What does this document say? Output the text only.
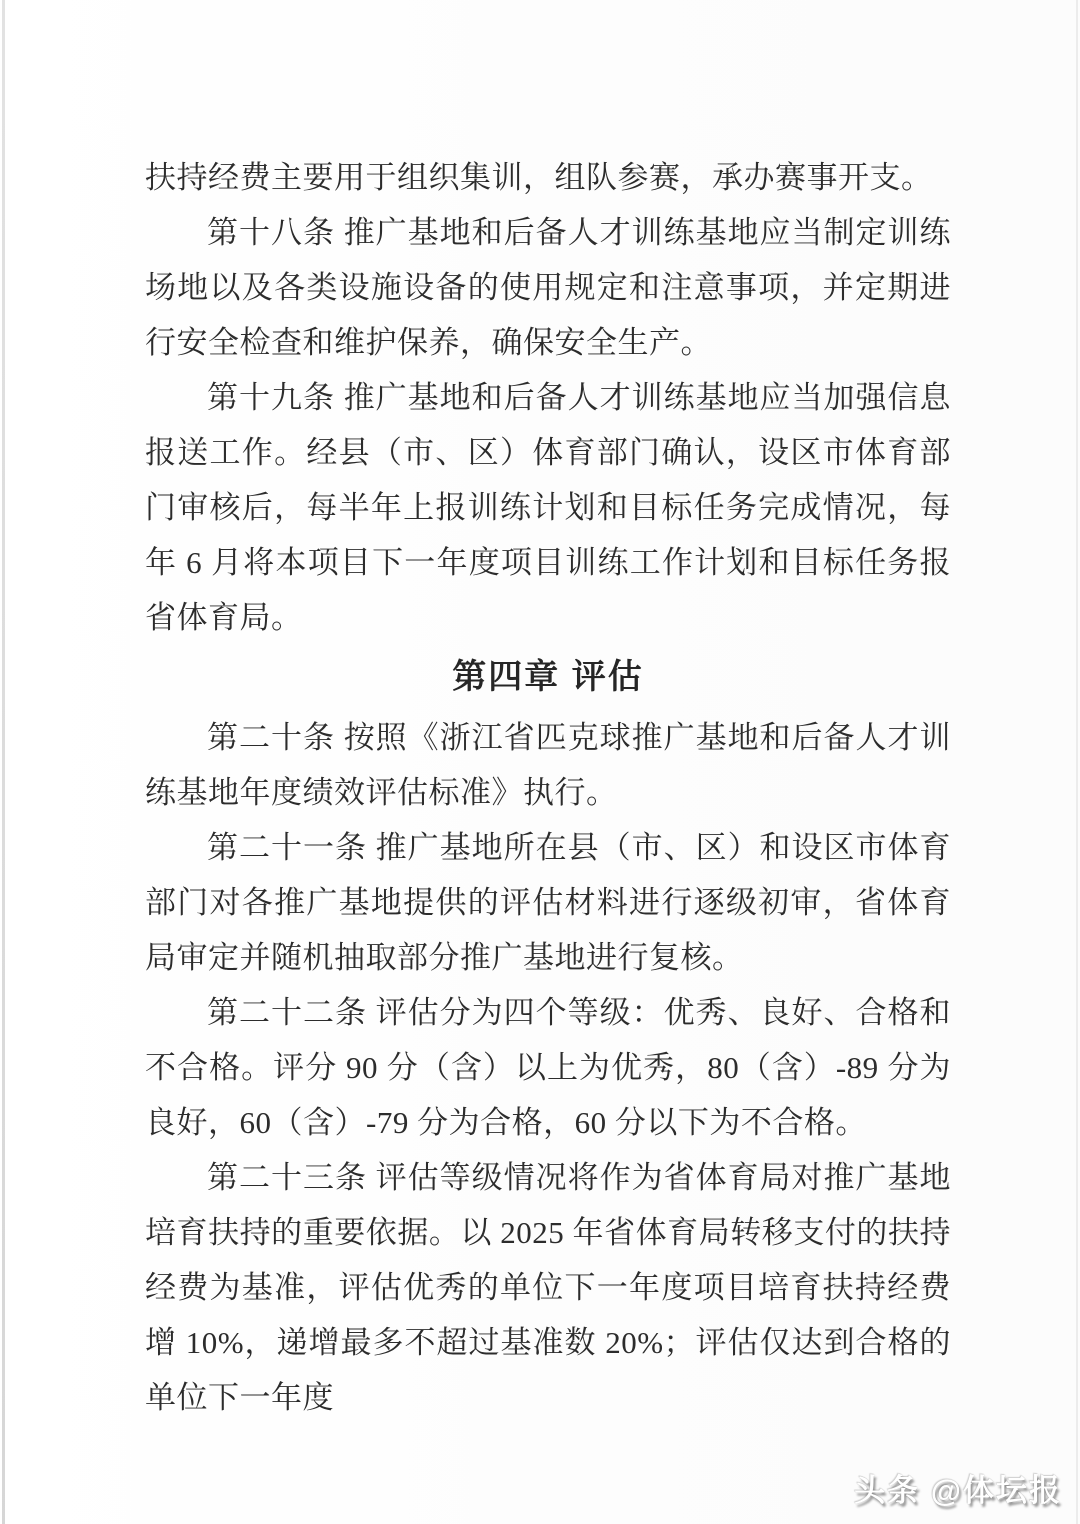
扶持经费主要用于组织集训，组队参赛，承办赛事开支。

第十八条 推广基地和后备人才训练基地应当制定训练场地以及各类设施设备的使用规定和注意事项，并定期进行安全检查和维护保养，确保安全生产。

第十九条 推广基地和后备人才训练基地应当加强信息报送工作。经县（市、区）体育部门确认，设区市体育部门审核后，每半年上报训练计划和目标任务完成情况，每年 6 月将本项目下一年度项目训练工作计划和目标任务报省体育局。

第四章 评估

第二十条 按照《浙江省匹克球推广基地和后备人才训练基地年度绩效评估标准》执行。

第二十一条 推广基地所在县（市、区）和设区市体育部门对各推广基地提供的评估材料进行逐级初审，省体育局审定并随机抽取部分推广基地进行复核。

第二十二条 评估分为四个等级：优秀、良好、合格和不合格。评分 90 分（含）以上为优秀，80（含）-89 分为良好，60（含）-79 分为合格，60 分以下为不合格。

第二十三条 评估等级情况将作为省体育局对推广基地培育扶持的重要依据。以 2025 年省体育局转移支付的扶持经费为基准，评估优秀的单位下一年度项目培育扶持经费增 10%，递增最多不超过基准数 20%；评估仅达到合格的单位下一年度

头条 @体坛报
